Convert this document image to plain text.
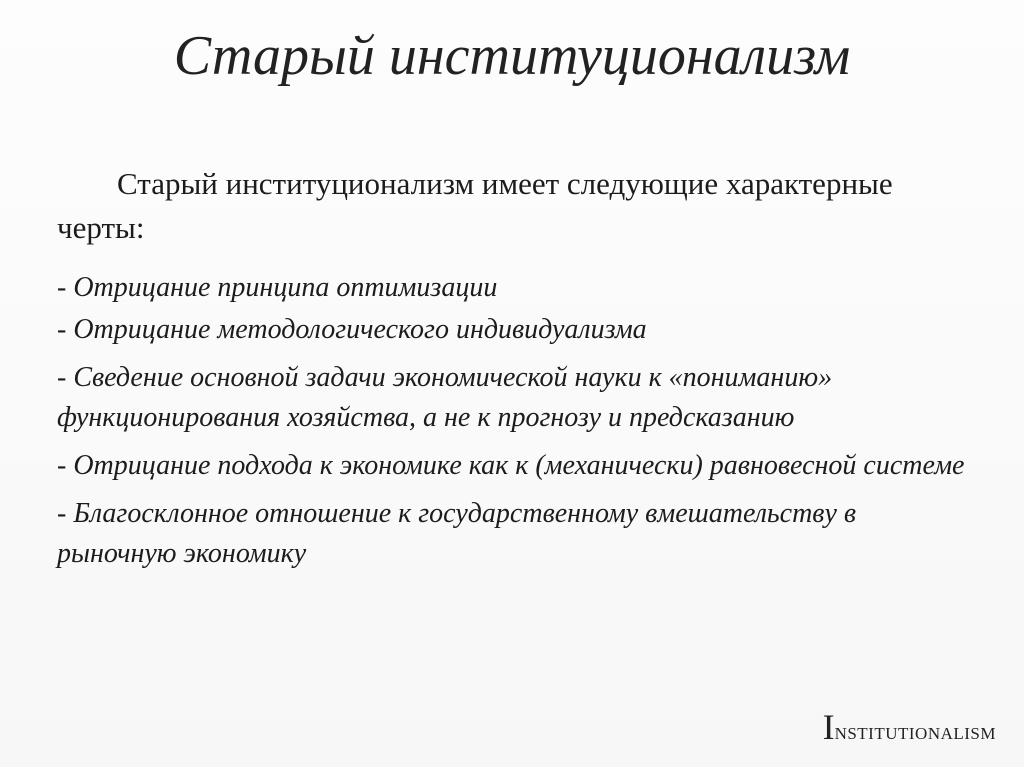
Старый институционализм

Старый институционализм имеет следующие характерные черты:

- Отрицание принципа оптимизации
- Отрицание методологического индивидуализма
- Сведение основной задачи экономической науки к «пониманию» функционирования хозяйства, а не к прогнозу и предсказанию
- Отрицание подхода к экономике как к (механически) равновесной системе
- Благосклонное отношение к государственному вмешательству в рыночную экономику
INSTITUTIONALISM
